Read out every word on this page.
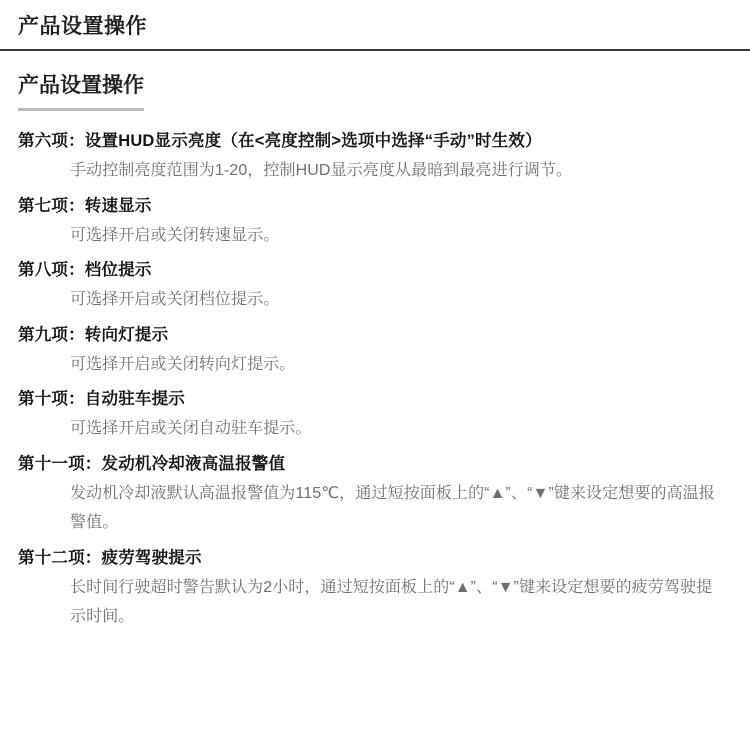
产品设置操作
产品设置操作
第六项：设置HUD显示亮度（在<亮度控制>选项中选择“手动”时生效）
手动控制亮度范围为1-20，控制HUD显示亮度从最暗到最亮进行调节。
第七项：转速显示
可选择开启或关闭转速显示。
第八项：档位提示
可选择开启或关闭档位提示。
第九项：转向灯提示
可选择开启或关闭转向灯提示。
第十项：自动驻车提示
可选择开启或关闭自动驻车提示。
第十一项：发动机冷却液高温报警值
发动机冷却液默认高温报警值为115℃，通过短按面板上的“▲”、“▼”键来设定想要的高温报警值。
第十二项：疲劳驾驶提示
长时间行驶超时警告默认为2小时，通过短按面板上的“▲”、“▼”键来设定想要的疲劳驾驶提示时间。
